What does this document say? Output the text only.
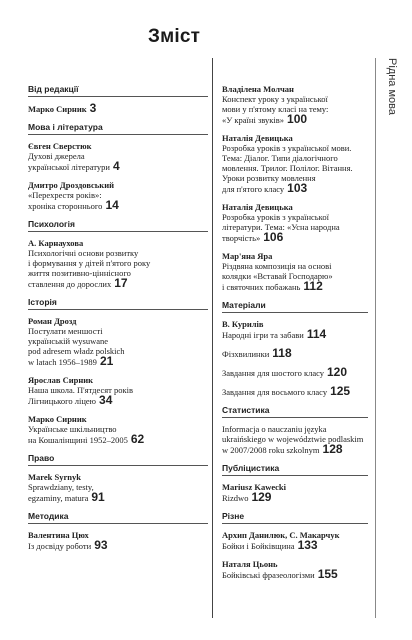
Зміст
Рідна мова
Від редакції
Марко Сирник 3
Мова і література
Євген Сверстюк
Духові джерела
української літератури 4
Дмитро Дроздовський
«Перехрестя років»:
хроніка стороннього 14
Психологія
А. Карнаухова
Психологічні основи розвитку
і формування у дітей п'ятого року
життя позитивно-ціннісного
ставлення до дорослих 17
Історія
Роман Дрозд
Постулати меншості
українській wysuwane
pod adresem władz polskich
w latach 1956–1989 21
Ярослав Сирник
Наша школа. П'ятдесят років
Лігницького ліцею 34
Марко Сирник
Українське шкільництво
на Кошалінщині 1952–2005 62
Право
Marek Syrnyk
Sprawdziany, testy,
egzaminy, matura 91
Методика
Валентина Цюх
Із досвіду роботи 93
Владілена Молчан
Конспект уроку з української
мови у п'ятому класі на тему:
«У країні звуків» 100
Наталія Девицька
Розробка уроків з української мови.
Тема: Діалог. Типи діалогічного
мовлення. Трилог. Полілог. Вітання.
Уроки розвитку мовлення
для п'ятого класу 103
Наталія Девицька
Розробка уроків з української
літератури. Тема: «Усна народна
творчість» 106
Мар'яна Яра
Різдвяна композиція на основі
колядки «Вставай Господарю»
і святочних побажань 112
Матеріали
В. Курилів
Народні ігри та забави 114
Фізхвилинки 118
Завдання для шостого класу 120
Завдання для восьмого класу 125
Статистика
Informacja o nauczaniu języka
ukraińskiego w województwie podlaskim
w 2007/2008 roku szkolnym 128
Публіцистика
Mariusz Kawecki
Rizdwo 129
Різне
Архип Данилюк, С. Макарчук
Бойки і Бойківщина 133
Наталя Цьонь
Бойківські фразеологізми 155
